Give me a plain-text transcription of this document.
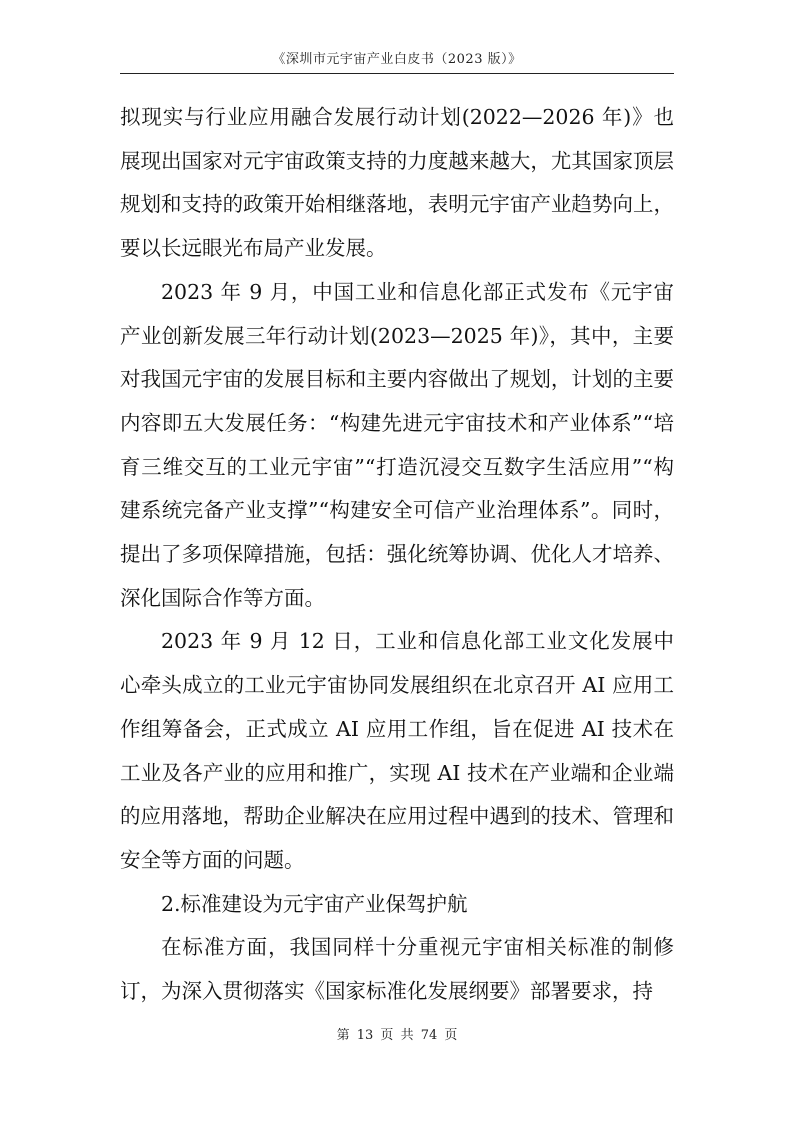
《深圳市元宇宙产业白皮书（2023 版）》

拟现实与行业应用融合发展行动计划(2022—2026 年)》也展现出国家对元宇宙政策支持的力度越来越大，尤其国家顶层规划和支持的政策开始相继落地，表明元宇宙产业趋势向上，要以长远眼光布局产业发展。

2023 年 9 月，中国工业和信息化部正式发布《元宇宙产业创新发展三年行动计划(2023—2025 年)》，其中，主要对我国元宇宙的发展目标和主要内容做出了规划，计划的主要内容即五大发展任务：“构建先进元宇宙技术和产业体系”“培育三维交互的工业元宇宙”“打造沉浸交互数字生活应用”“构建系统完备产业支撑”“构建安全可信产业治理体系”。同时，提出了多项保障措施，包括：强化统筹协调、优化人才培养、深化国际合作等方面。

2023 年 9 月 12 日，工业和信息化部工业文化发展中心牵头成立的工业元宇宙协同发展组织在北京召开 AI 应用工作组筹备会，正式成立 AI 应用工作组，旨在促进 AI 技术在工业及各产业的应用和推广，实现 AI 技术在产业端和企业端的应用落地，帮助企业解决在应用过程中遇到的技术、管理和安全等方面的问题。

2.标准建设为元宇宙产业保驾护航

在标准方面，我国同样十分重视元宇宙相关标准的制修订，为深入贯彻落实《国家标准化发展纲要》部署要求，持

第 13 页 共 74 页
